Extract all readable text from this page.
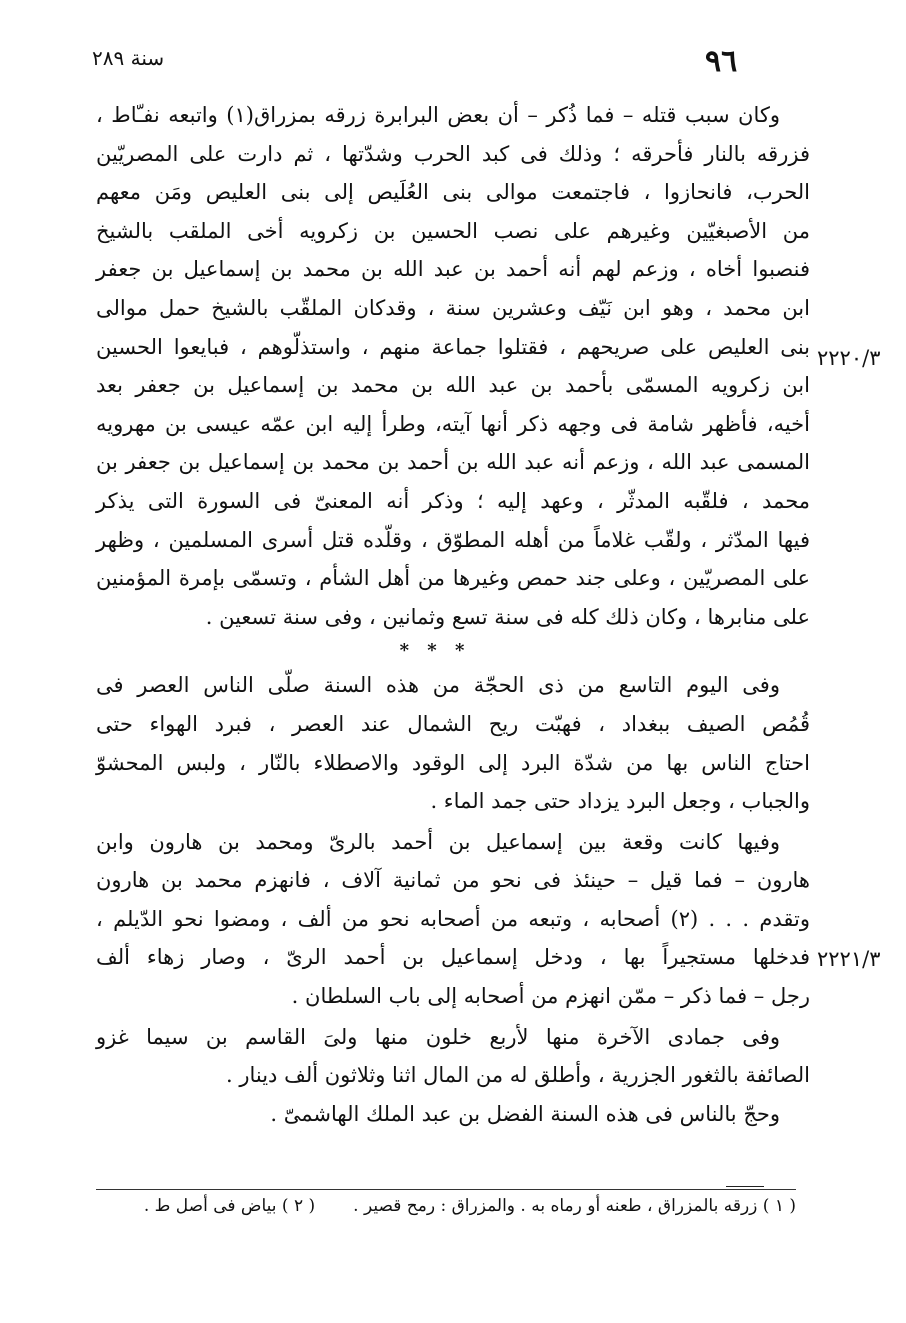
٩٦
سنة ٢٨٩
٢٢٢٠/٣
٢٢٢١/٣
وكان سبب قتله – فما ذُكر – أن بعض البرابرة زرقه بمزراق(١) واتبعه نفـّاط ،
فزرقه بالنار فأحرقه ؛ وذلك فى كبد الحرب وشدّتها ، ثم دارت على المصريّين
الحرب، فانحازوا ، فاجتمعت موالى بنى العُلَيص إلى بنى العليص ومَن معهم
من الأصبغيّين وغيرهم على نصب الحسين بن زكرويه أخى الملقب بالشيخ
فنصبوا أخاه ، وزعم لهم أنه أحمد بن عبد الله بن محمد بن إسماعيل بن جعفر
ابن محمد ، وهو ابن نَيّف وعشرين سنة ، وقدكان الملقّب بالشيخ حمل موالى
بنى العليص على صريحهم ، فقتلوا جماعة منهم ، واستذلّوهم ، فبايعوا الحسين
ابن زكرويه المسمّى بأحمد بن عبد الله بن محمد بن إسماعيل بن جعفر بعد
أخيه، فأظهر شامة فى وجهه ذكر أنها آيته، وطرأ إليه ابن عمّه عيسى بن مهرويه
المسمى عبد الله ، وزعم أنه عبد الله بن أحمد بن محمد بن إسماعيل بن جعفر بن
محمد ، فلقّبه المدثّر ، وعهد إليه ؛ وذكر أنه المعنىّ فى السورة التى يذكر
فيها المدّثر ، ولقّب غلاماً من أهله المطوّق ، وقلّده قتل أسرى المسلمين ، وظهر
على المصريّين ، وعلى جند حمص وغيرها من أهل الشأم ، وتسمّى بإمرة المؤمنين
على منابرها ، وكان ذلك كله فى سنة تسع وثمانين ، وفى سنة تسعين .
* * *
وفى اليوم التاسع من ذى الحجّة من هذه السنة صلّى الناس العصر فى
قُمُص الصيف ببغداد ، فهبّت ريح الشمال عند العصر ، فبرد الهواء حتى
احتاج الناس بها من شدّة البرد إلى الوقود والاصطلاء بالنّار ، ولبس المحشوّ
والجباب ، وجعل البرد يزداد حتى جمد الماء .
وفيها كانت وقعة بين إسماعيل بن أحمد بالرىّ ومحمد بن هارون وابن
هارون – فما قيل – حينئذ فى نحو من ثمانية آلاف ، فانهزم محمد بن هارون
وتقدم . . . (٢) أصحابه ، وتبعه من أصحابه نحو من ألف ، ومضوا نحو الدّيلم ،
فدخلها مستجيراً بها ، ودخل إسماعيل بن أحمد الرىّ ، وصار زهاء ألف
رجل – فما ذكر – ممّن انهزم من أصحابه إلى باب السلطان .
وفى جمادى الآخرة منها لأربع خلون منها ولىَ القاسم بن سيما غزو
الصائفة بالثغور الجزرية ، وأطلق له من المال اثنا وثلاثون ألف دينار .
وحجّ بالناس فى هذه السنة الفضل بن عبد الملك الهاشمىّ .
( ١ ) زرقه بالمزراق ، طعنه أو رماه به . والمزراق : رمح قصير .( ٢ ) بياض فى أصل ط .
